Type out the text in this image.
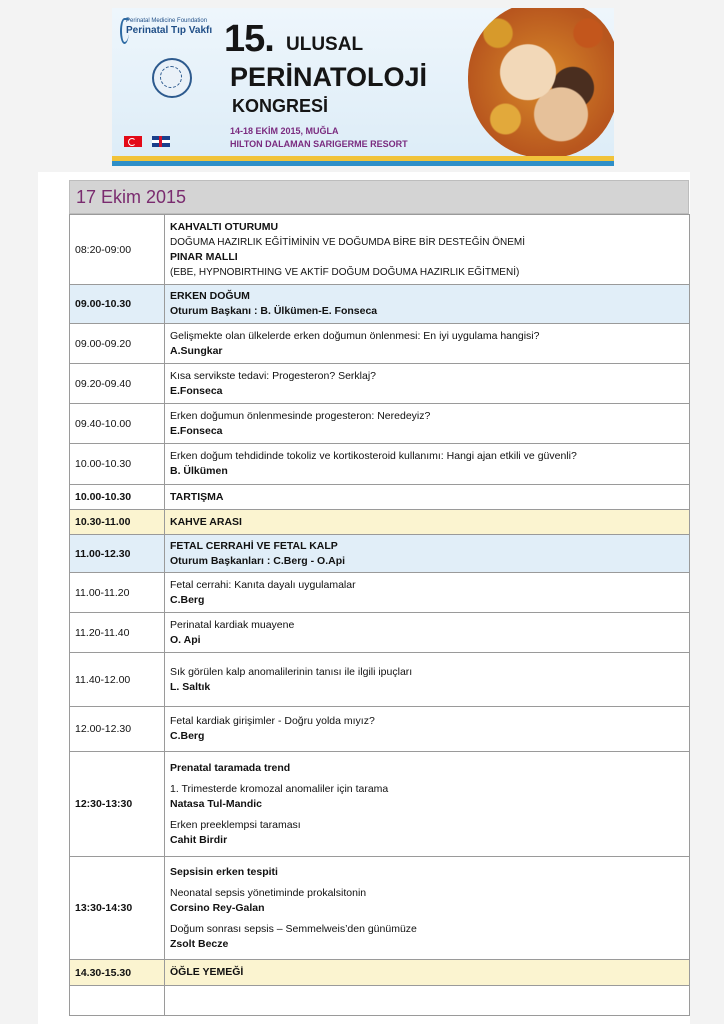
Perinatal Medicine Foundation
Perinatal Tıp Vakfı 15. ULUSAL
PERİNATOLOJİ
KONGRESİ
14-18 EKİM 2015, MUĞLA
HILTON DALAMAN SARIGERME RESORT
17 Ekim 2015
08:20-09:00	KAHVALTI OTURUMU
DOĞUMA HAZIRLIK EĞİTİMİNİN VE DOĞUMDA BİRE BİR DESTEĞİN ÖNEMİ
PINAR MALLI
(EBE, HYPNOBIRTHING VE AKTİF DOĞUM DOĞUMA HAZIRLIK EĞİTMENİ)

09.00-10.30	ERKEN DOĞUM
Oturum Başkanı : B. Ülkümen-E. Fonseca

09.00-09.20	Gelişmekte olan ülkelerde erken doğumun önlenmesi: En iyi uygulama hangisi?
A.Sungkar

09.20-09.40	Kısa servikste tedavi: Progesteron? Serklaj?
E.Fonseca

09.40-10.00	Erken doğumun önlenmesinde progesteron: Neredeyiz?
E.Fonseca

10.00-10.30	Erken doğum tehdidinde tokoliz ve kortikosteroid kullanımı: Hangi ajan etkili ve güvenli?
B. Ülkümen

10.00-10.30	TARTIŞMA

10.30-11.00	KAHVE ARASI

11.00-12.30	FETAL CERRAHİ VE FETAL KALP
Oturum Başkanları : C.Berg - O.Api

11.00-11.20	Fetal cerrahi: Kanıta dayalı uygulamalar
C.Berg

11.20-11.40	Perinatal kardiak muayene
O. Api

11.40-12.00	Sık görülen kalp anomalilerinin tanısı ile ilgili ipuçları
L. Saltık

12.00-12.30	Fetal kardiak girişimler - Doğru yolda mıyız?
C.Berg

12:30-13:30	Prenatal taramada trend
1. Trimesterde kromozal anomaliler için tarama
Natasa Tul-Mandic
Erken preeklempsi taraması
Cahit Birdir

13:30-14:30	Sepsisin erken tespiti
Neonatal sepsis yönetiminde prokalsitonin
Corsino Rey-Galan
Doğum sonrası sepsis – Semmelweis’den günümüze
Zsolt Becze

14.30-15.30	ÖĞLE YEMEĞİ
